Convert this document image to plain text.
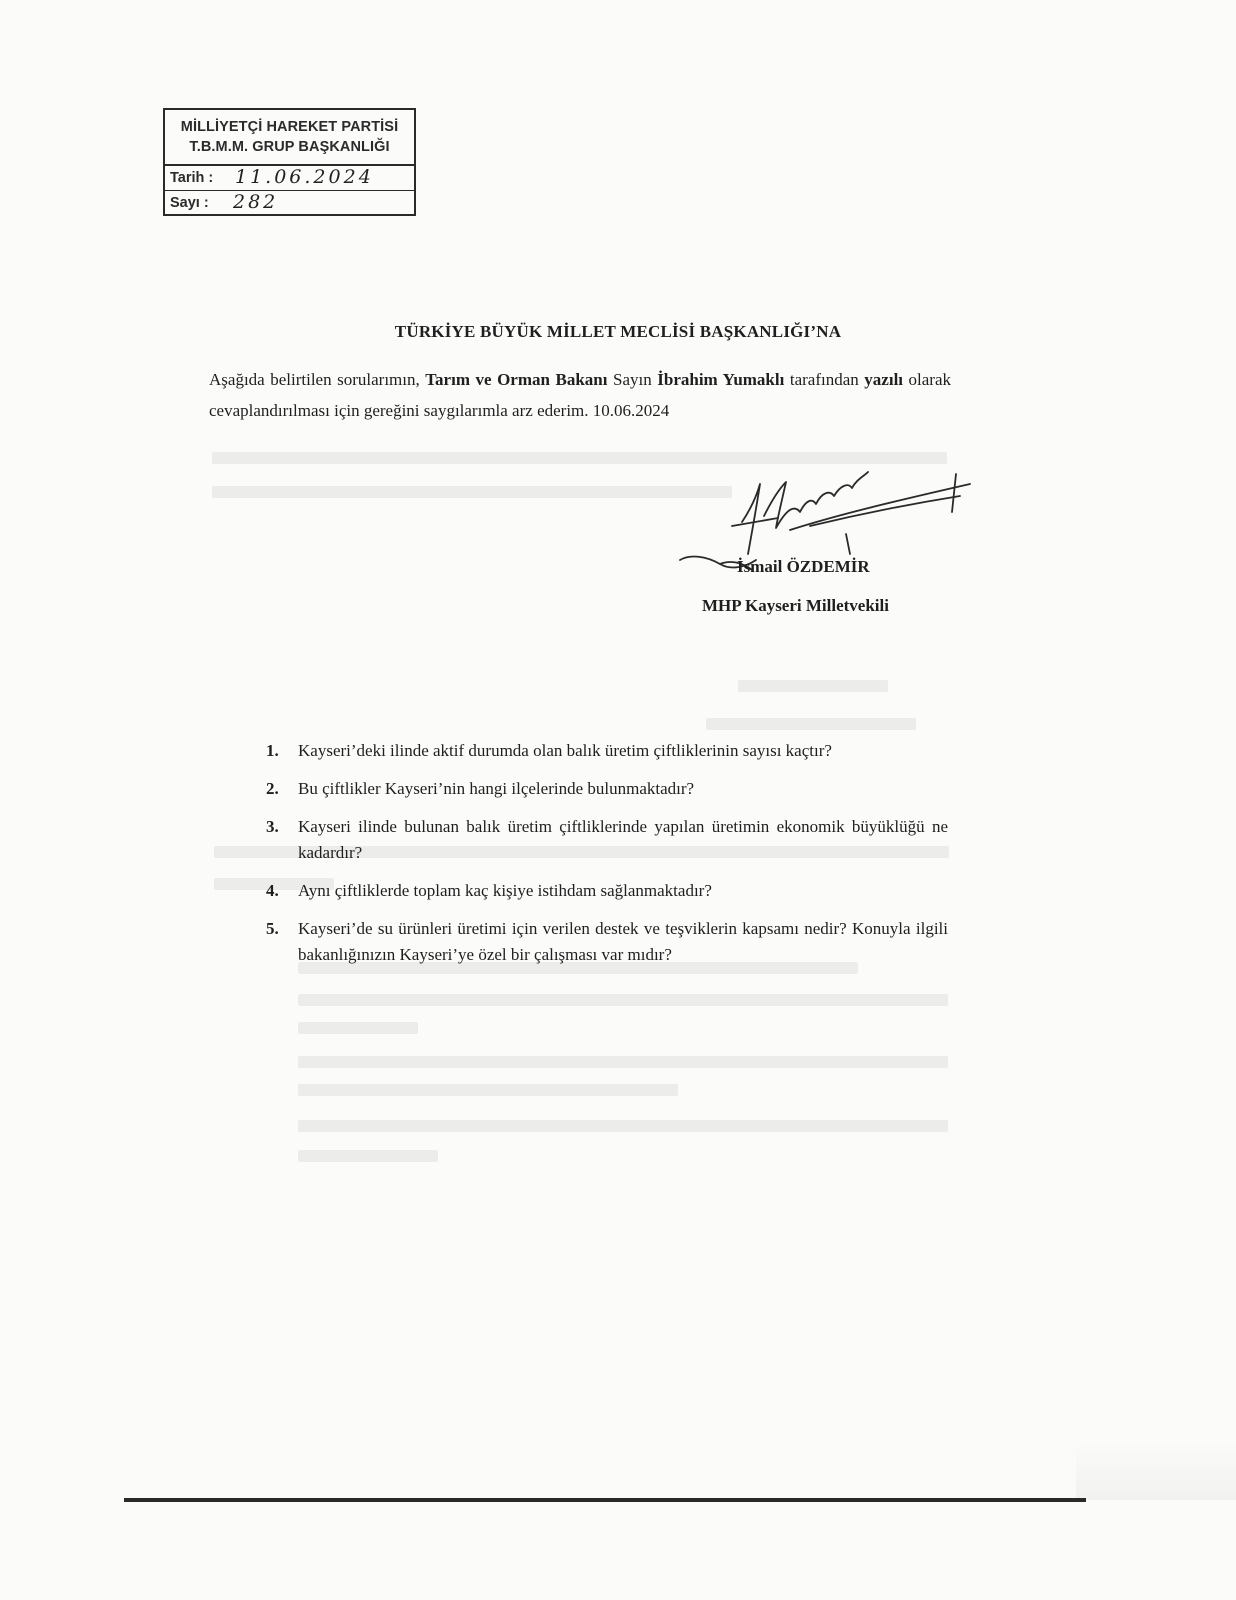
MİLLİYETÇİ HAREKET PARTİSİ
T.B.M.M. GRUP BAŞKANLIĞI
Tarih : 11.06.2024
Sayı : 282
TÜRKİYE BÜYÜK MİLLET MECLİSİ BAŞKANLIĞI’NA

Aşağıda belirtilen sorularımın, Tarım ve Orman Bakanı Sayın İbrahim Yumaklı tarafından yazılı olarak cevaplandırılması için gereğini saygılarımla arz ederim. 10.06.2024

İsmail ÖZDEMİR
MHP Kayseri Milletvekili
1. Kayseri’deki ilinde aktif durumda olan balık üretim çiftliklerinin sayısı kaçtır?
2. Bu çiftlikler Kayseri’nin hangi ilçelerinde bulunmaktadır?
3. Kayseri ilinde bulunan balık üretim çiftliklerinde yapılan üretimin ekonomik büyüklüğü ne kadardır?
4. Aynı çiftliklerde toplam kaç kişiye istihdam sağlanmaktadır?
5. Kayseri’de su ürünleri üretimi için verilen destek ve teşviklerin kapsamı nedir? Konuyla ilgili bakanlığınızın Kayseri’ye özel bir çalışması var mıdır?
